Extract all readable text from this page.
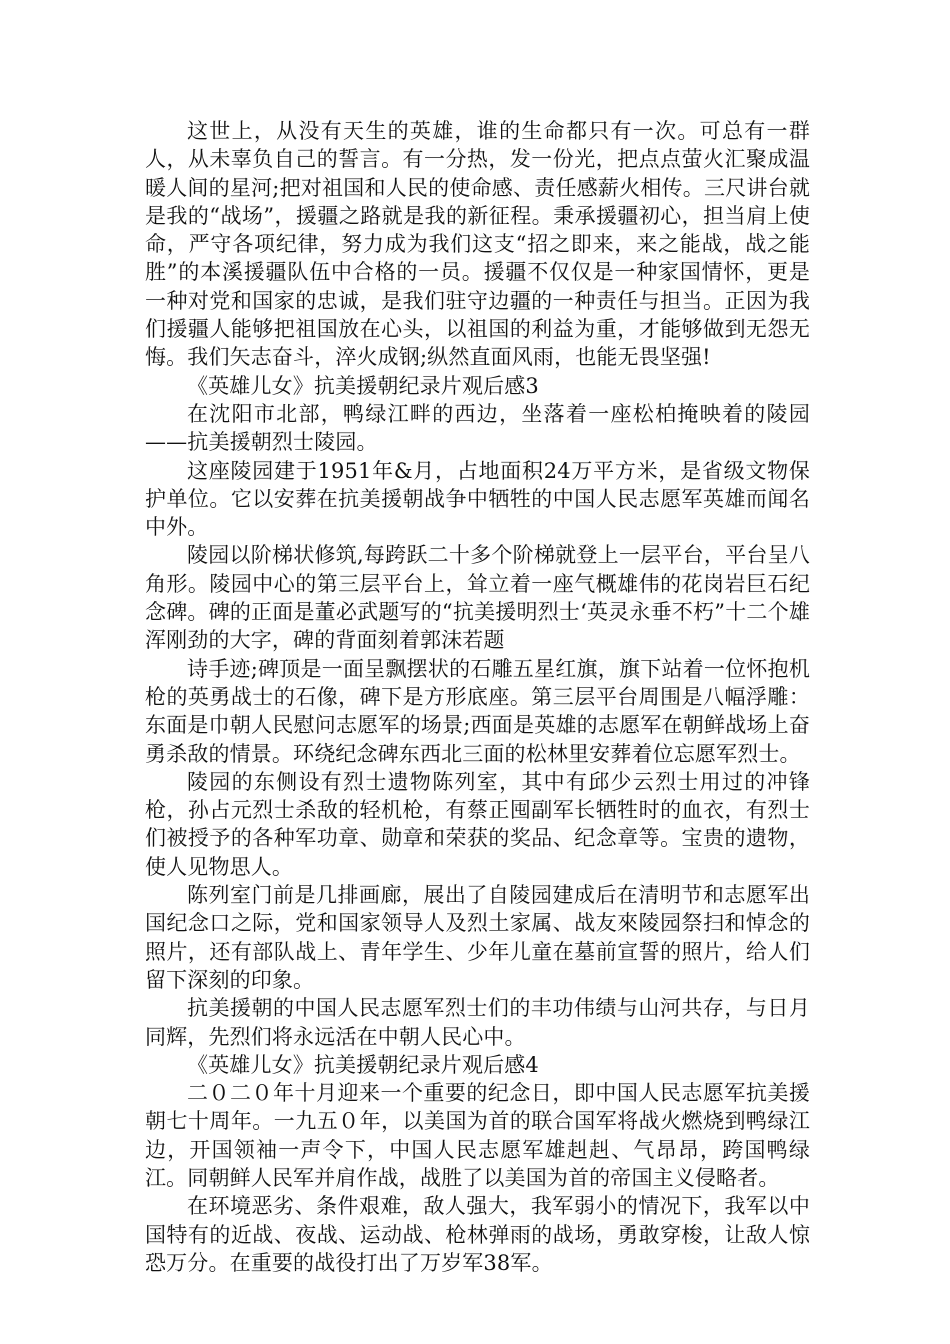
这世上，从没有天生的英雄，谁的生命都只有一次。可总有一群人，从未辜负自己的誓言。有一分热，发一份光，把点点萤火汇聚成温暖人间的星河;把对祖国和人民的使命感、责任感薪火相传。三尺讲台就是我的“战场”，援疆之路就是我的新征程。秉承援疆初心，担当肩上使命，严守各项纪律，努力成为我们这支“招之即来，来之能战，战之能胜”的本溪援疆队伍中合格的一员。援疆不仅仅是一种家国情怀，更是一种对党和国家的忠诚，是我们驻守边疆的一种责任与担当。正因为我们援疆人能够把祖国放在心头，以祖国的利益为重，才能够做到无怨无悔。我们矢志奋斗，淬火成钢;纵然直面风雨，也能无畏坚强!

《英雄儿女》抗美援朝纪录片观后感3

在沈阳市北部，鸭绿江畔的西边，坐落着一座松柏掩映着的陵园——抗美援朝烈士陵园。

这座陵园建于1951年&月，占地面积24万平方米，是省级文物保护单位。它以安葬在抗美援朝战争中牺牲的中国人民志愿军英雄而闻名中外。

陵园以阶梯状修筑,每跨跃二十多个阶梯就登上一层平台，平台呈八角形。陵园中心的第三层平台上，耸立着一座气概雄伟的花岗岩巨石纪念碑。碑的正面是董必武题写的“抗美援明烈士‘英灵永垂不朽”十二个雄浑刚劲的大字，碑的背面刻着郭沫若题

诗手迹;碑顶是一面呈飘摆状的石雕五星红旗，旗下站着一位怀抱机枪的英勇战士的石像，碑下是方形底座。第三层平台周围是八幅浮雕：东面是巾朝人民慰问志愿军的场景;西面是英雄的志愿军在朝鲜战场上奋勇杀敌的情景。环绕纪念碑东西北三面的松林里安葬着位忘愿军烈士。

陵园的东侧设有烈士遗物陈列室，其中有邱少云烈士用过的冲锋枪，孙占元烈士杀敌的轻机枪，有蔡正囤副军长牺牲时的血衣，有烈士们被授予的各种军功章、勋章和荣获的奖品、纪念章等。宝贵的遗物，使人见物思人。

陈列室门前是几排画廊，展出了自陵园建成后在清明节和志愿军出国纪念口之际，党和国家领导人及烈土家属、战友來陵园祭扫和悼念的照片，还有部队战上、青年学生、少年儿童在墓前宣誓的照片，给人们留下深刻的印象。

抗美援朝的中国人民志愿军烈士们的丰功伟绩与山河共存，与日月同辉，先烈们将永远活在中朝人民心中。

《英雄儿女》抗美援朝纪录片观后感4

二０二０年十月迎来一个重要的纪念日，即中国人民志愿军抗美援朝七十周年。一九五０年，以美国为首的联合国军将战火燃烧到鸭绿江边，开国领袖一声令下，中国人民志愿军雄赳赳、气昂昂，跨国鸭绿江。同朝鲜人民军并肩作战，战胜了以美国为首的帝国主义侵略者。

在环境恶劣、条件艰难，敌人强大，我军弱小的情况下，我军以中国特有的近战、夜战、运动战、枪林弹雨的战场，勇敢穿梭，让敌人惊恐万分。在重要的战役打出了万岁军38军。
